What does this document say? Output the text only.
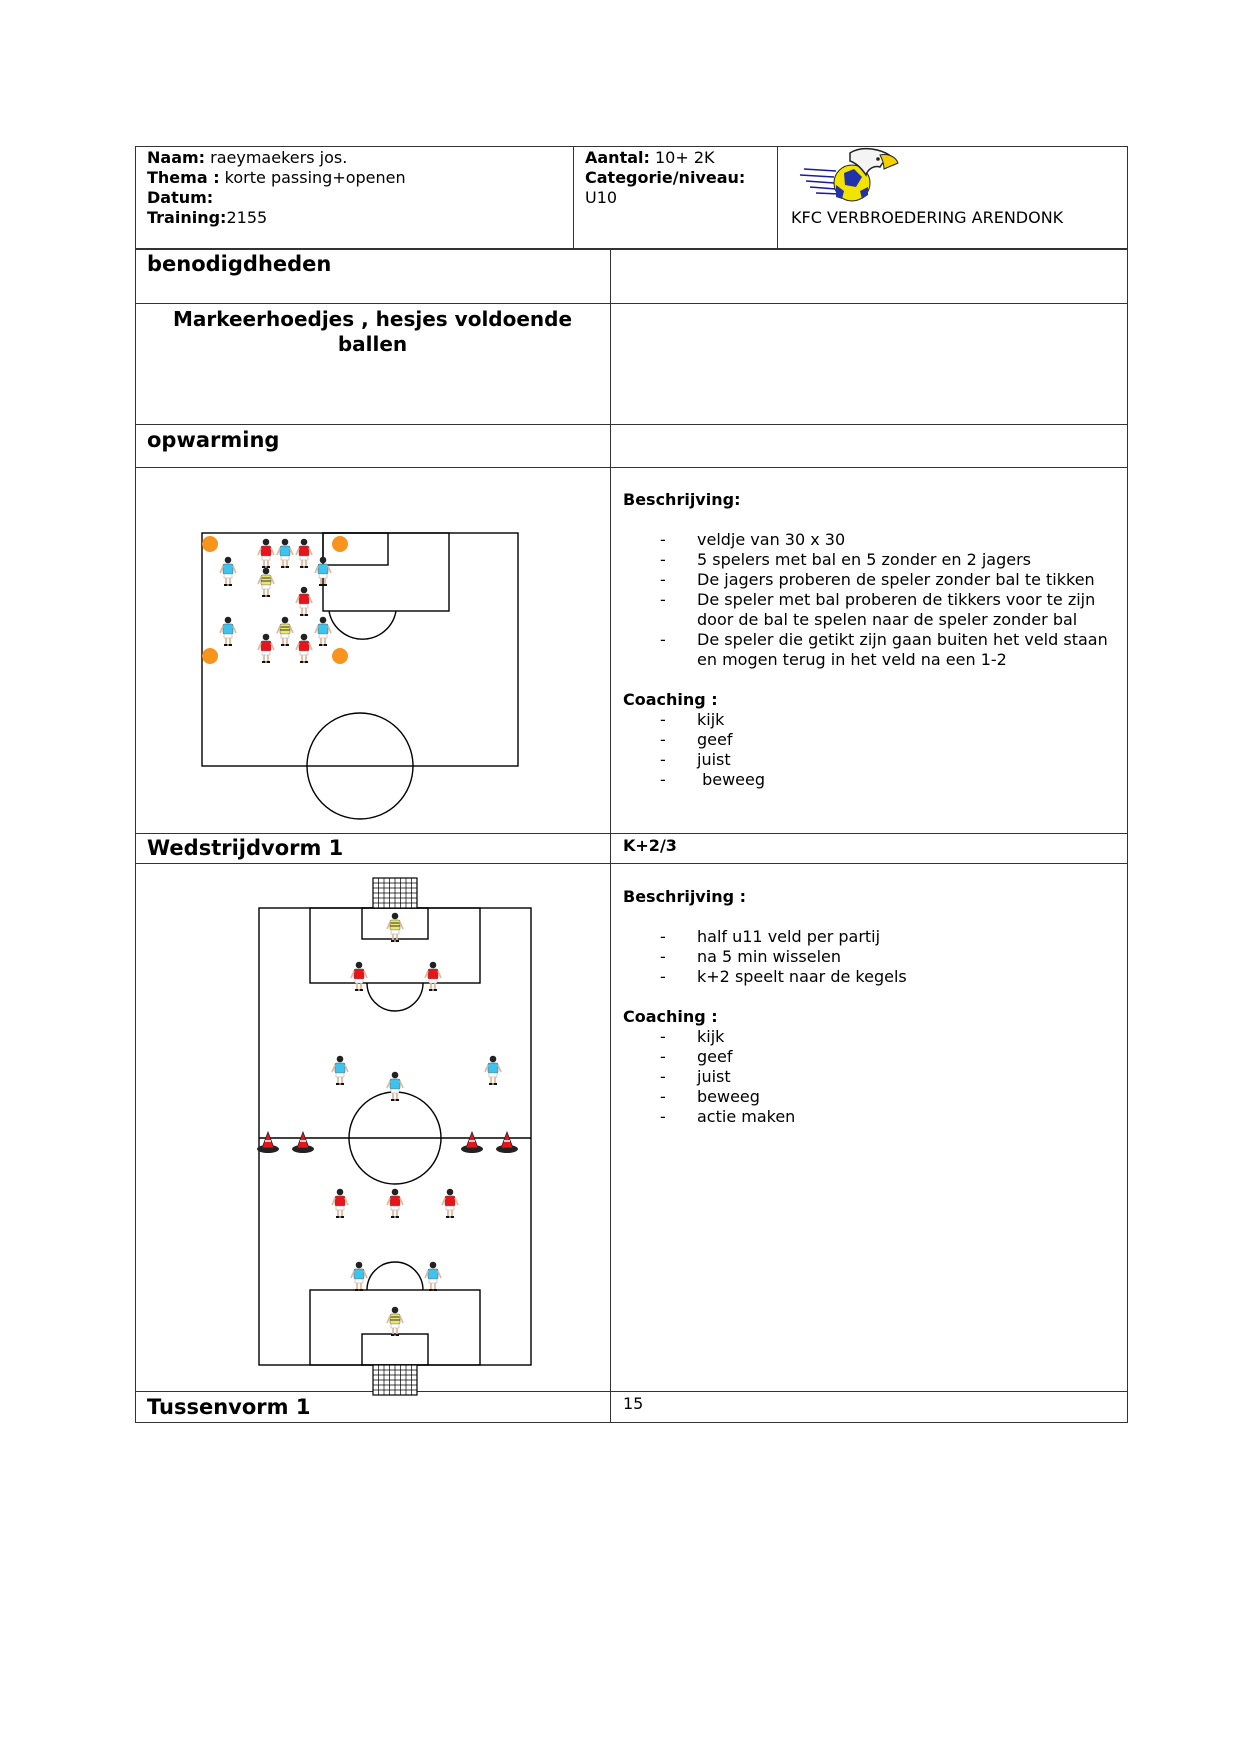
Naam: raeymaekers jos.
Thema : korte passing+openen
Datum:
Training:2155
Aantal: 10+ 2K
Categorie/niveau:
U10
KFC VERBROEDERING ARENDONK
benodigdheden
Markeerhoedjes , hesjes voldoende
ballen
opwarming
Beschrijving:
- veldje van 30 x 30
- 5 spelers met bal en 5 zonder en 2 jagers
- De jagers proberen de speler zonder bal te tikken
- De speler met bal proberen de tikkers voor te zijn door de bal te spelen naar de speler zonder bal
- De speler die getikt zijn gaan buiten het veld staan en mogen terug in het veld na een 1-2
Coaching :
- kijk
- geef
- juist
-  beweeg
Wedstrijdvorm 1	K+2/3
Beschrijving :
- half u11 veld per partij
- na 5 min wisselen
- k+2 speelt naar de kegels
Coaching :
- kijk
- geef
- juist
- beweeg
- actie maken
Tussenvorm 1	15
